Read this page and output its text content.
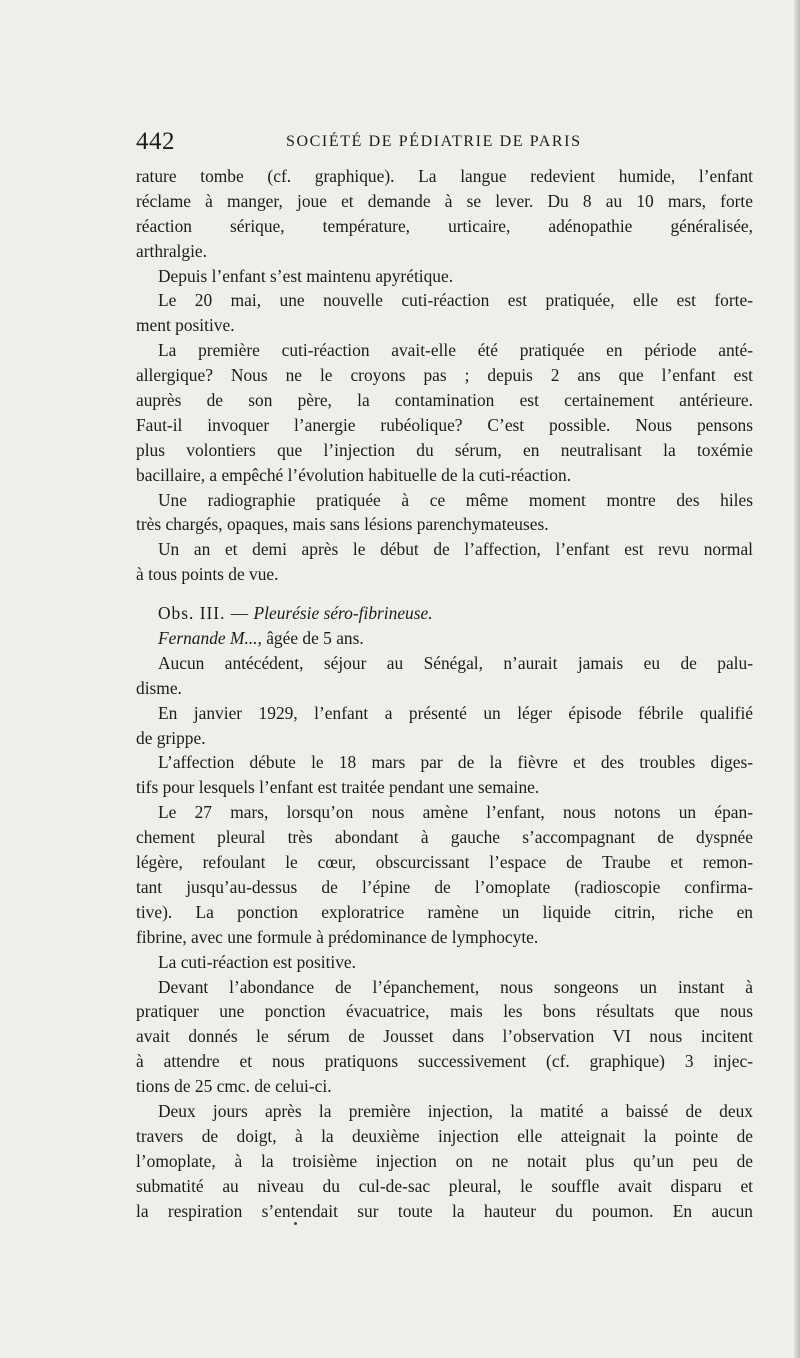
442	SOCIÉTÉ DE PÉDIATRIE DE PARIS
rature tombe (cf. graphique). La langue redevient humide, l’enfant
réclame à manger, joue et demande à se lever. Du 8 au 10 mars, forte
réaction sérique, température, urticaire, adénopathie généralisée,
arthralgie.
Depuis l’enfant s’est maintenu apyrétique.
Le 20 mai, une nouvelle cuti-réaction est pratiquée, elle est forte-
ment positive.
La première cuti-réaction avait-elle été pratiquée en période anté-
allergique? Nous ne le croyons pas ; depuis 2 ans que l’enfant est
auprès de son père, la contamination est certainement antérieure.
Faut-il invoquer l’anergie rubéolique? C’est possible. Nous pensons
plus volontiers que l’injection du sérum, en neutralisant la toxémie
bacillaire, a empêché l’évolution habituelle de la cuti-réaction.
Une radiographie pratiquée à ce même moment montre des hiles
très chargés, opaques, mais sans lésions parenchymateuses.
Un an et demi après le début de l’affection, l’enfant est revu normal
à tous points de vue.
Obs. III. — Pleurésie séro-fibrineuse.
Fernande M..., âgée de 5 ans.
Aucun antécédent, séjour au Sénégal, n’aurait jamais eu de palu-
disme.
En janvier 1929, l’enfant a présenté un léger épisode fébrile qualifié
de grippe.
L’affection débute le 18 mars par de la fièvre et des troubles diges-
tifs pour lesquels l’enfant est traitée pendant une semaine.
Le 27 mars, lorsqu’on nous amène l’enfant, nous notons un épan-
chement pleural très abondant à gauche s’accompagnant de dyspnée
légère, refoulant le cœur, obscurcissant l’espace de Traube et remon-
tant jusqu’au-dessus de l’épine de l’omoplate (radioscopie confirma-
tive). La ponction exploratrice ramène un liquide citrin, riche en
fibrine, avec une formule à prédominance de lymphocyte.
La cuti-réaction est positive.
Devant l’abondance de l’épanchement, nous songeons un instant à
pratiquer une ponction évacuatrice, mais les bons résultats que nous
avait donnés le sérum de Jousset dans l’observation VI nous incitent
à attendre et nous pratiquons successivement (cf. graphique) 3 injec-
tions de 25 cmc. de celui-ci.
Deux jours après la première injection, la matité a baissé de deux
travers de doigt, à la deuxième injection elle atteignait la pointe de
l’omoplate, à la troisième injection on ne notait plus qu’un peu de
submatité au niveau du cul-de-sac pleural, le souffle avait disparu et
la respiration s’entendait sur toute la hauteur du poumon. En aucun
